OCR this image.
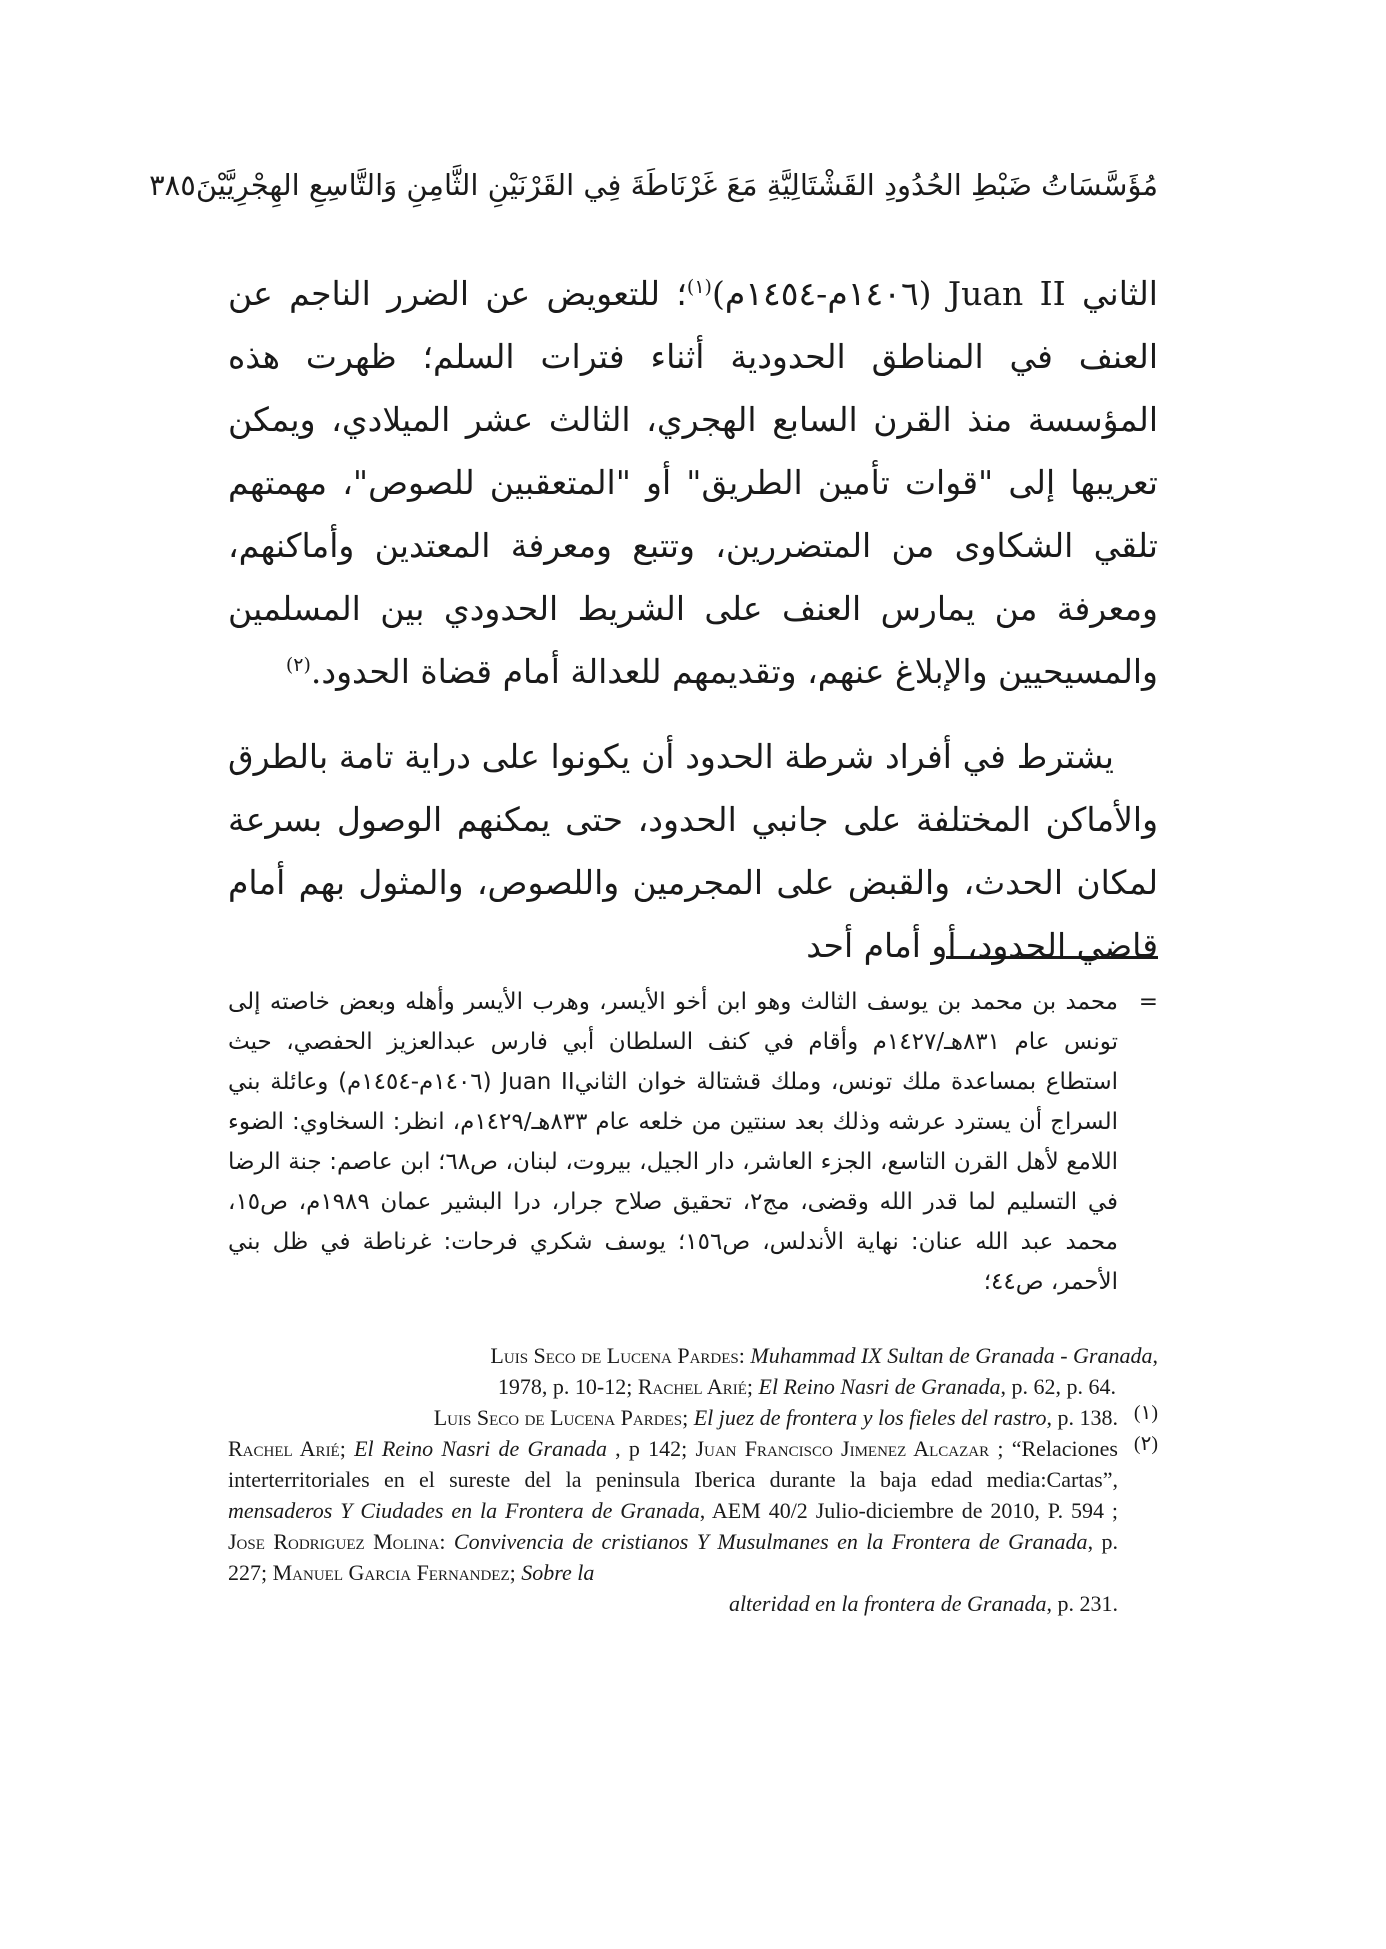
مُؤَسَّسَاتُ ضَبْطِ الحُدُودِ القَشْتَالِيَّةِ مَعَ غَرْنَاطَةَ فِي القَرْنَيْنِ الثَّامِنِ وَالتَّاسِعِ الهِجْرِيَّيْنَ
٣٨٥

الثاني Juan II (١٤٠٦م-١٤٥٤م)$^{(١)}$؛ للتعويض عن الضرر الناجم عن العنف في المناطق الحدودية أثناء فترات السلم؛ ظهرت هذه المؤسسة منذ القرن السابع الهجري، الثالث عشر الميلادي، ويمكن تعريبها إلى "قوات تأمين الطريق" أو "المتعقبين للصوص"، مهمتهم تلقي الشكاوى من المتضررين، وتتبع ومعرفة المعتدين وأماكنهم، ومعرفة من يمارس العنف على الشريط الحدودي بين المسلمين والمسيحيين والإبلاغ عنهم، وتقديمهم للعدالة أمام قضاة الحدود.$^{(٢)}$

يشترط في أفراد شرطة الحدود أن يكونوا على دراية تامة بالطرق والأماكن المختلفة على جانبي الحدود، حتى يمكنهم الوصول بسرعة لمكان الحدث، والقبض على المجرمين واللصوص، والمثول بهم أمام قاضي الحدود، أو أمام أحد

=
محمد بن محمد بن يوسف الثالث وهو ابن أخو الأيسر، وهرب الأيسر وأهله وبعض خاصته إلى تونس عام ٨٣١هـ/١٤٢٧م وأقام في كنف السلطان أبي فارس عبدالعزيز الحفصي، حيث استطاع بمساعدة ملك تونس، وملك قشتالة خوان الثانيJuan II (١٤٠٦م-١٤٥٤م) وعائلة بني السراج أن يسترد عرشه وذلك بعد سنتين من خلعه عام ٨٣٣هـ/١٤٢٩م، انظر: السخاوي: الضوء اللامع لأهل القرن التاسع، الجزء العاشر، دار الجيل، بيروت، لبنان، ص٦٨؛ ابن عاصم: جنة الرضا في التسليم لما قدر الله وقضى، مج٢، تحقيق صلاح جرار، درا البشير عمان ١٩٨٩م، ص١٥، محمد عبد الله عنان: نهاية الأندلس، ص١٥٦؛ يوسف شكري فرحات: غرناطة في ظل بني الأحمر، ص٤٤؛

Luis Seco de Lucena Pardes: Muhammad IX Sultan de Granada - Granada,
1978, p. 10-12; Rachel Arié; El Reino Nasri de Granada, p. 62, p. 64.

(١)
Luis Seco de Lucena Pardes; El juez de frontera y los fieles del rastro, p. 138.

(٢)
Rachel Arié; El Reino Nasri de Granada , p 142; Juan Francisco Jimenez Alcazar ; “Relaciones interterritoriales en el sureste del la peninsula Iberica durante la baja edad media:Cartas”, mensaderos Y Ciudades en la Frontera de Granada, AEM 40/2 Julio-diciembre de 2010, P. 594 ; Jose Rodriguez Molina: Convivencia de cristianos Y Musulmanes en la Frontera de Granada, p. 227; Manuel Garcia Fernandez; Sobre la
alteridad en la frontera de Granada, p. 231.
